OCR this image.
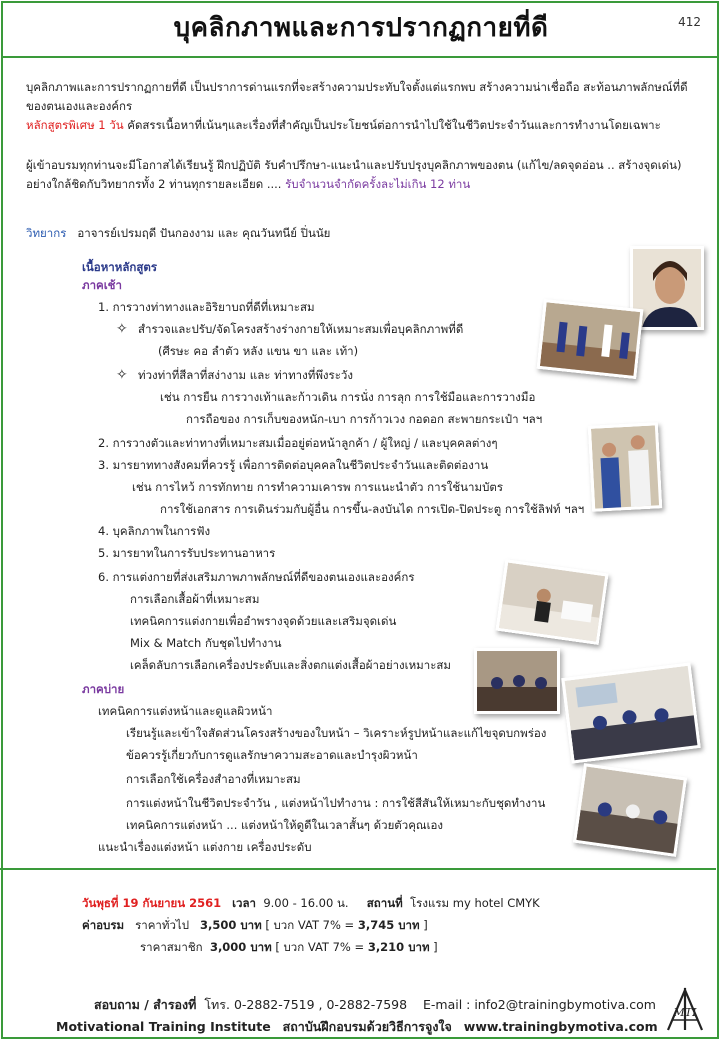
บุคลิกภาพและการปรากฏกายที่ดี	412
บุคลิกภาพและการปรากฏกายที่ดี เป็นปราการด่านแรกที่จะสร้างความประทับใจตั้งแต่แรกพบ สร้างความน่าเชื่อถือ สะท้อนภาพลักษณ์ที่ดี
ของตนเองและองค์กร
หลักสูตรพิเศษ 1 วัน คัดสรรเนื้อหาที่เน้นๆและเรื่องที่สำคัญเป็นประโยชน์ต่อการนำไปใช้ในชีวิตประจำวันและการทำงานโดยเฉพาะ
ผู้เข้าอบรมทุกท่านจะมีโอกาสได้เรียนรู้ ฝึกปฏิบัติ รับคำปรึกษา-แนะนำและปรับปรุงบุคลิกภาพของตน (แก้ไข/ลดจุดอ่อน .. สร้างจุดเด่น)
อย่างใกล้ชิดกับวิทยากรทั้ง 2 ท่านทุกรายละเอียด .... รับจำนวนจำกัดครั้งละไม่เกิน 12 ท่าน
วิทยากร อาจารย์เปรมฤดี ปันกองงาม และ คุณวันทนีย์ ปิ่นนัย
เนื้อหาหลักสูตร
ภาคเช้า
1. การวางท่าทางและอิริยาบถที่ดีที่เหมาะสม
✧ สำรวจและปรับ/จัดโครงสร้างร่างกายให้เหมาะสมเพื่อบุคลิกภาพที่ดี
(ศีรษะ คอ ลำตัว หลัง แขน ขา และ เท้า)
✧ ท่วงท่าที่สีลาที่สง่างาม และ ท่าทางที่พึงระวัง
เช่น การยืน การวางเท้าและก้าวเดิน การนั่ง การลุก การใช้มือและการวางมือ
การถือของ การเก็บของหนัก-เบา การก้าวเวง กอดอก สะพายกระเป๋า ฯลฯ
2. การวางตัวและท่าทางที่เหมาะสมเมื่ออยู่ต่อหน้าลูกค้า / ผู้ใหญ่ / และบุคคลต่างๆ
3. มารยาททางสังคมที่ควรรู้ เพื่อการติดต่อบุคคลในชีวิตประจำวันและติดต่องาน
เช่น การไหว้ การทักทาย การทำความเคารพ การแนะนำตัว การใช้นามบัตร
การใช้เอกสาร การเดินร่วมกับผู้อื่น การขึ้น-ลงบันได การเปิด-ปิดประตู การใช้ลิฟท์ ฯลฯ
4. บุคลิกภาพในการฟัง
5. มารยาทในการรับประทานอาหาร
6. การแต่งกายที่ส่งเสริมภาพภาพลักษณ์ที่ดีของตนเองและองค์กร
การเลือกเสื้อผ้าที่เหมาะสม
เทคนิคการแต่งกายเพื่ออำพรางจุดด้วยและเสริมจุดเด่น
Mix & Match กับชุดไปทำงาน
เคล็ดลับการเลือกเครื่องประดับและสิ่งตกแต่งเสื้อผ้าอย่างเหมาะสม
ภาคบ่าย
เทคนิคการแต่งหน้าและดูแลผิวหน้า
เรียนรู้และเข้าใจสัดส่วนโครงสร้างของใบหน้า – วิเคราะห์รูปหน้าและแก้ไขจุดบกพร่อง
ข้อควรรู้เกี่ยวกับการดูแลรักษาความสะอาดและบำรุงผิวหน้า
การเลือกใช้เครื่องสำอางที่เหมาะสม
การแต่งหน้าในชีวิตประจำวัน , แต่งหน้าไปทำงาน : การใช้สีสันให้เหมาะกับชุดทำงาน
เทคนิคการแต่งหน้า ... แต่งหน้าให้ดูดีในเวลาสั้นๆ ด้วยตัวคุณเอง
แนะนำเรื่องแต่งหน้า แต่งกาย เครื่องประดับ
วันพุธที่ 19 กันยายน 2561 เวลา 9.00 - 16.00 น. สถานที่ โรงแรม my hotel CMYK
ค่าอบรม ราคาทั่วไป 3,500 บาท [ บวก VAT 7% = 3,745 บาท ]
ราคาสมาชิก 3,000 บาท [ บวก VAT 7% = 3,210 บาท ]
สอบถาม / สำรองที่ โทร. 0-2882-7519 , 0-2882-7598 E-mail : info2@trainingbymotiva.com
Motivational Training Institute สถาบันฝึกอบรมด้วยวิธีการจูงใจ www.trainingbymotiva.com
MTI
